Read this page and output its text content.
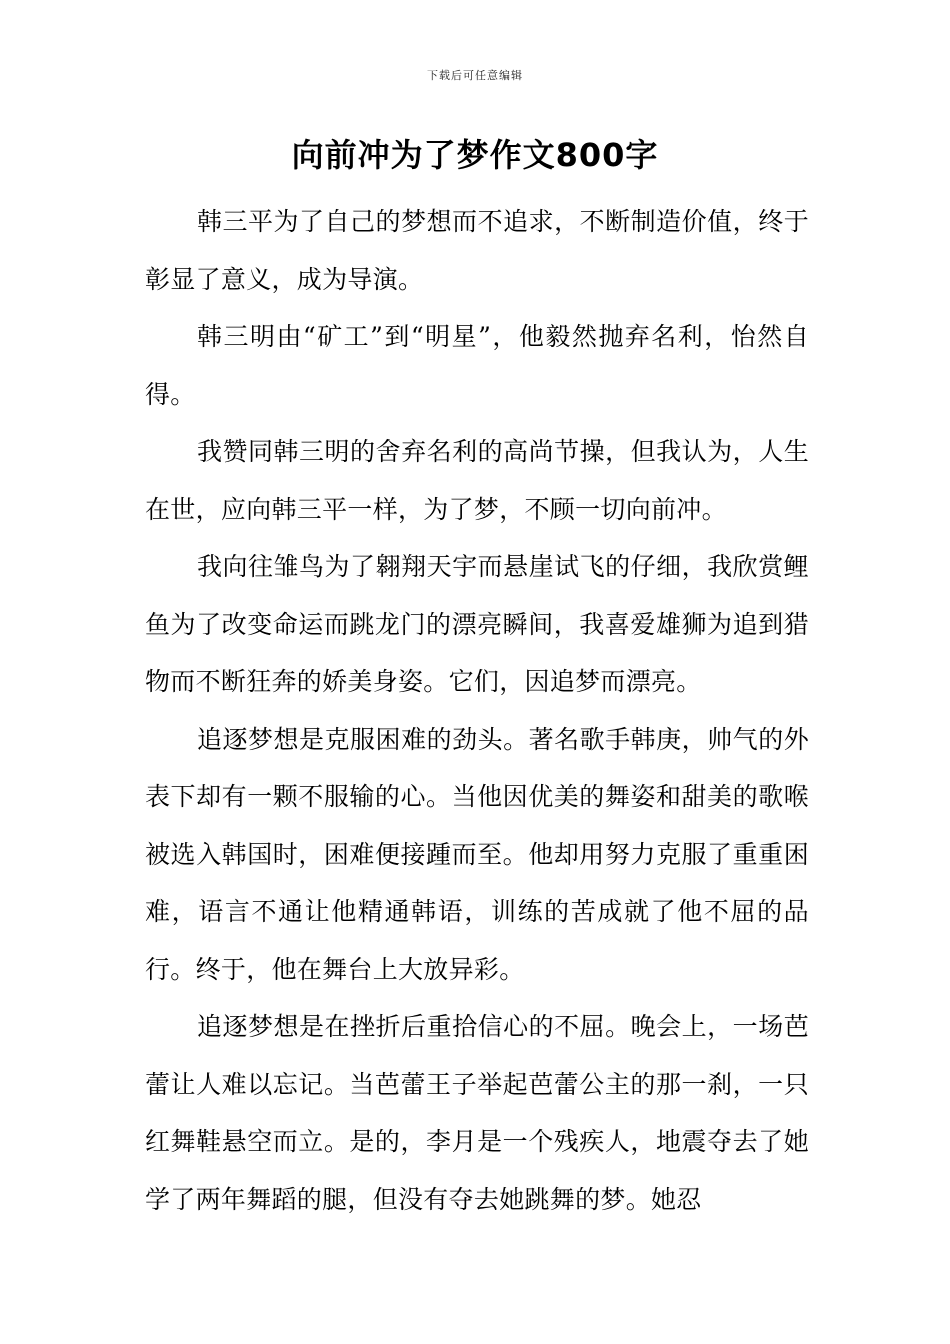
下载后可任意编辑
向前冲为了梦作文800字

韩三平为了自己的梦想而不追求，不断制造价值，终于彰显了意义，成为导演。

韩三明由“矿工”到“明星”，他毅然抛弃名利，怡然自得。

我赞同韩三明的舍弃名利的高尚节操，但我认为，人生在世，应向韩三平一样，为了梦，不顾一切向前冲。

我向往雏鸟为了翱翔天宇而悬崖试飞的仔细，我欣赏鲤鱼为了改变命运而跳龙门的漂亮瞬间，我喜爱雄狮为追到猎物而不断狂奔的娇美身姿。它们，因追梦而漂亮。

追逐梦想是克服困难的劲头。著名歌手韩庚，帅气的外表下却有一颗不服输的心。当他因优美的舞姿和甜美的歌喉被选入韩国时，困难便接踵而至。他却用努力克服了重重困难，语言不通让他精通韩语，训练的苦成就了他不屈的品行。终于，他在舞台上大放异彩。

追逐梦想是在挫折后重拾信心的不屈。晚会上，一场芭蕾让人难以忘记。当芭蕾王子举起芭蕾公主的那一刹，一只红舞鞋悬空而立。是的，李月是一个残疾人，地震夺去了她学了两年舞蹈的腿，但没有夺去她跳舞的梦。她忍
